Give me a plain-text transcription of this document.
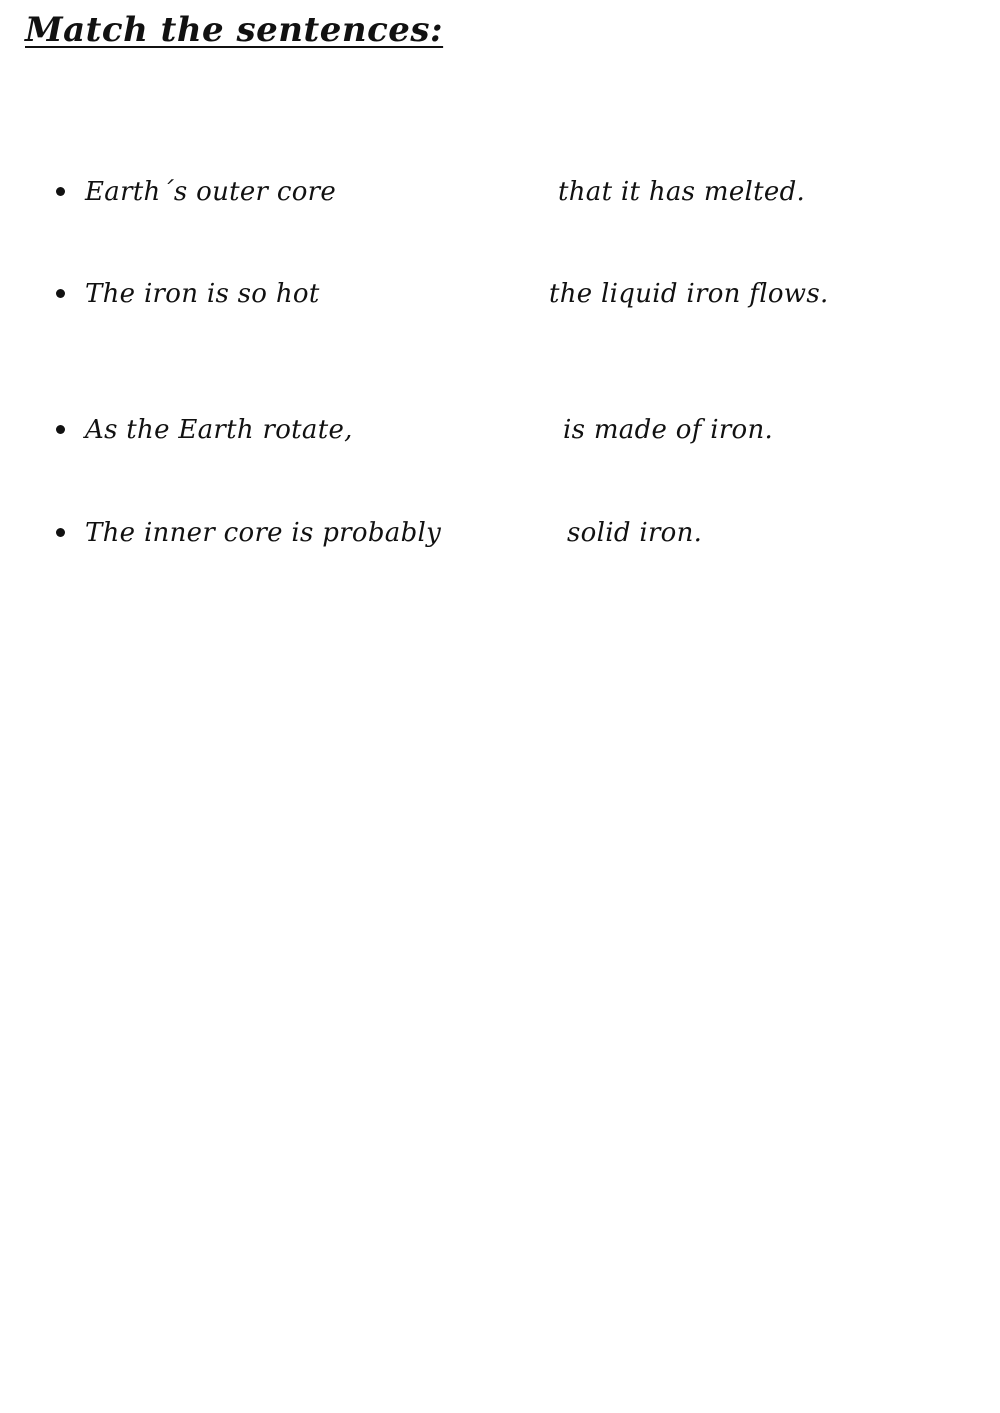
Match the sentences:
Earth´s outer core	that it has melted.
The iron is so hot	the liquid iron flows.
As the Earth rotate,	is made of iron.
The inner core is probably	solid iron.
